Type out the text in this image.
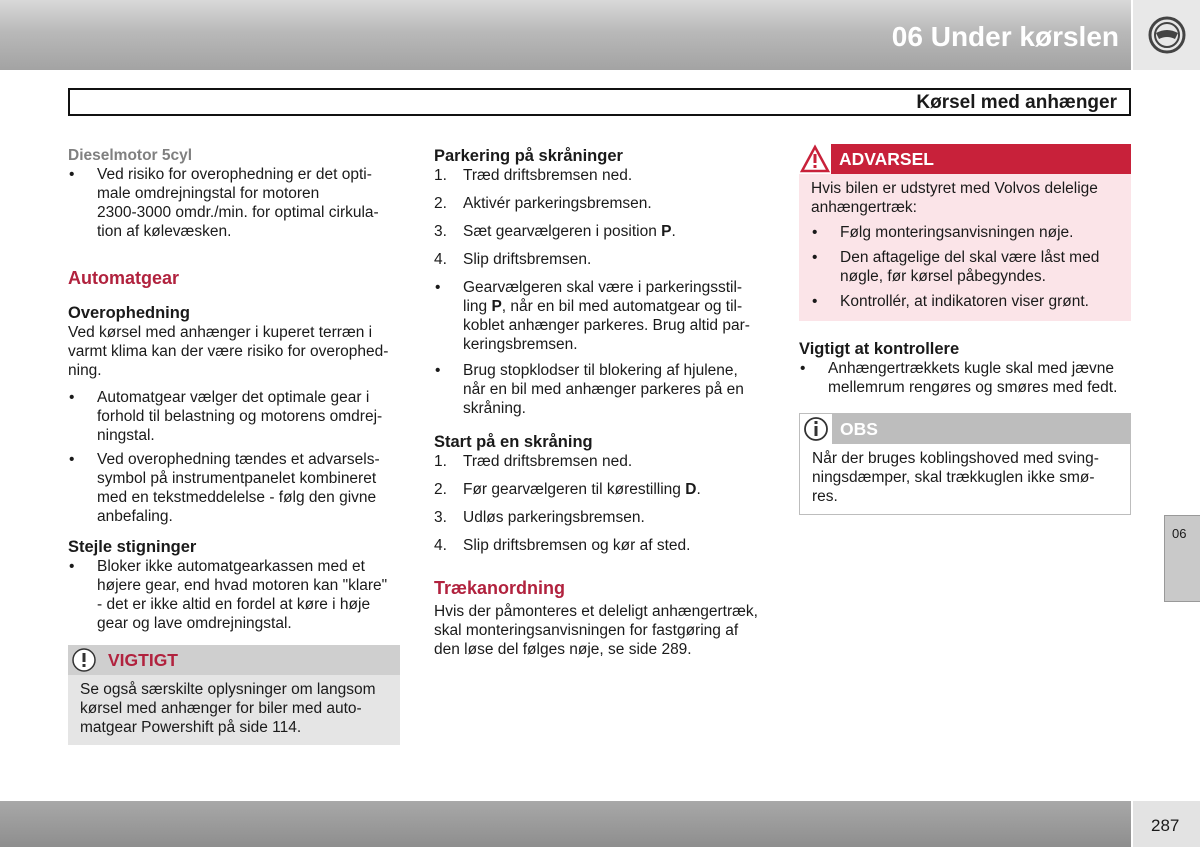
06 Under kørslen
Kørsel med anhænger
Dieselmotor 5cyl
• Ved risiko for overophedning er det opti-
male omdrejningstal for motoren
2300-3000 omdr./min. for optimal cirkula-
tion af kølevæsken.
Automatgear
Overophedning

Ved kørsel med anhænger i kuperet terræn i
varmt klima kan der være risiko for overophed-
ning.

• Automatgear vælger det optimale gear i
forhold til belastning og motorens omdrej-
ningstal.
• Ved overophedning tændes et advarsels-
symbol på instrumentpanelet kombineret
med en tekstmeddelelse - følg den givne
anbefaling.
Stejle stigninger
• Bloker ikke automatgearkassen med et
højere gear, end hvad motoren kan "klare"
- det er ikke altid en fordel at køre i høje
gear og lave omdrejningstal.
VIGTIGT
Se også særskilte oplysninger om langsom
kørsel med anhænger for biler med auto-
matgear Powershift på side 114.
Parkering på skråninger
1. Træd driftsbremsen ned.
2. Aktivér parkeringsbremsen.
3. Sæt gearvælgeren i position P.
4. Slip driftsbremsen.
• Gearvælgeren skal være i parkeringsstil-
ling P, når en bil med automatgear og til-
koblet anhænger parkeres. Brug altid par-
keringsbremsen.
• Brug stopklodser til blokering af hjulene,
når en bil med anhænger parkeres på en
skråning.
Start på en skråning
1. Træd driftsbremsen ned.
2. Før gearvælgeren til kørestilling D.
3. Udløs parkeringsbremsen.
4. Slip driftsbremsen og kør af sted.
Trækanordning

Hvis der påmonteres et deleligt anhængertræk,
skal monteringsanvisningen for fastgøring af
den løse del følges nøje, se side 289.

ADVARSEL

Hvis bilen er udstyret med Volvos delelige
anhængertræk:

• Følg monteringsanvisningen nøje.
• Den aftagelige del skal være låst med
nøgle, før kørsel påbegyndes.
• Kontrollér, at indikatoren viser grønt.
Vigtigt at kontrollere
• Anhængertrækkets kugle skal med jævne
mellemrum rengøres og smøres med fedt.
OBS
Når der bruges koblingshoved med sving-
ningsdæmper, skal trækkuglen ikke smø-
res.
06
287
